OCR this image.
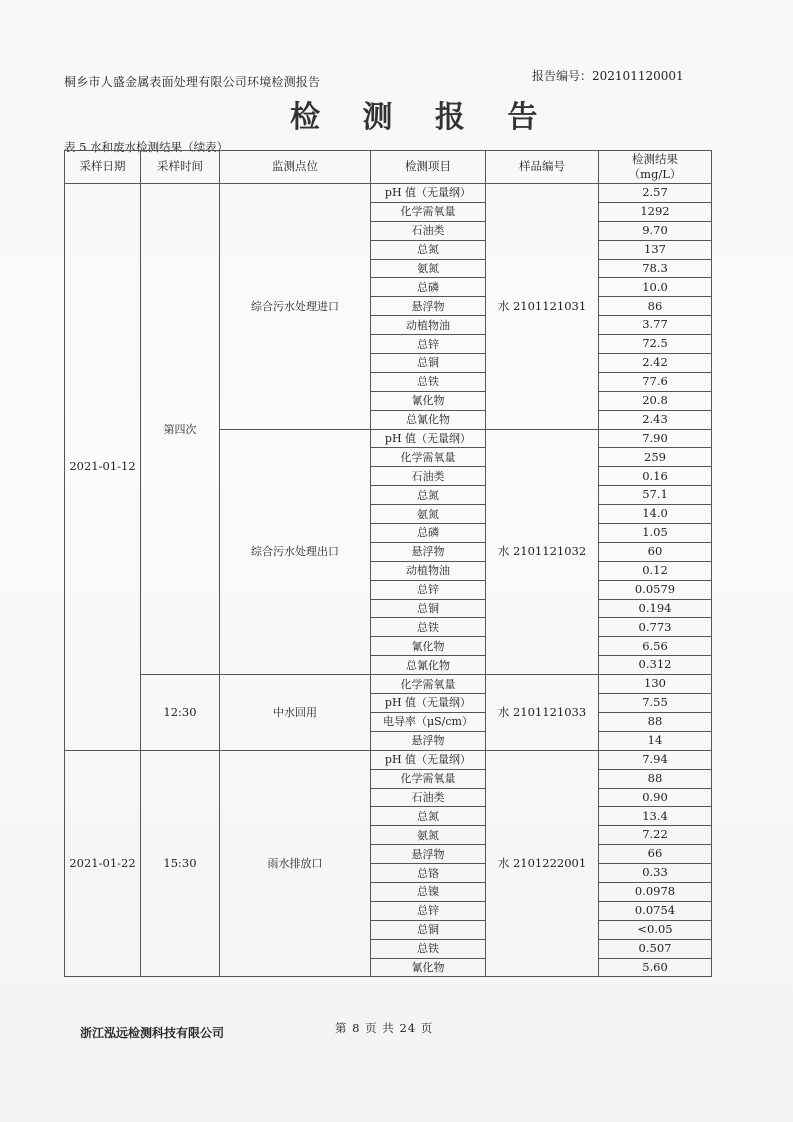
桐乡市人盛金属表面处理有限公司环境检测报告	报告编号：202101120001
检 测 报 告
表 5 水和废水检测结果（续表）
采样日期	采样时间	监测点位	检测项目	样品编号	检测结果
（mg/L）

2021-01-12	第四次	综合污水处理进口	pH 值（无量纲）	水 2101121031	2.57
			化学需氧量		1292
			石油类		9.70
			总氮		137
			氨氮		78.3
			总磷		10.0
			悬浮物		86
			动植物油		3.77
			总锌		72.5
			总铜		2.42
			总铁		77.6
			氰化物		20.8
			总氰化物		2.43
		综合污水处理出口	pH 值（无量纲）	水 2101121032	7.90
			化学需氧量		259
			石油类		0.16
			总氮		57.1
			氨氮		14.0
			总磷		1.05
			悬浮物		60
			动植物油		0.12
			总锌		0.0579
			总铜		0.194
			总铁		0.773
			氰化物		6.56
			总氰化物		0.312
	12:30	中水回用	化学需氧量	水 2101121033	130
			pH 值（无量纲）		7.55
			电导率（μS/cm）		88
			悬浮物		14
2021-01-22	15:30	雨水排放口	pH 值（无量纲）	水 2101222001	7.94
			化学需氧量		88
			石油类		0.90
			总氮		13.4
			氨氮		7.22
			悬浮物		66
			总铬		0.33
			总镍		0.0978
			总锌		0.0754
			总铜		<0.05
			总铁		0.507
			氰化物		5.60
浙江泓远检测科技有限公司	第 8 页 共 24 页
